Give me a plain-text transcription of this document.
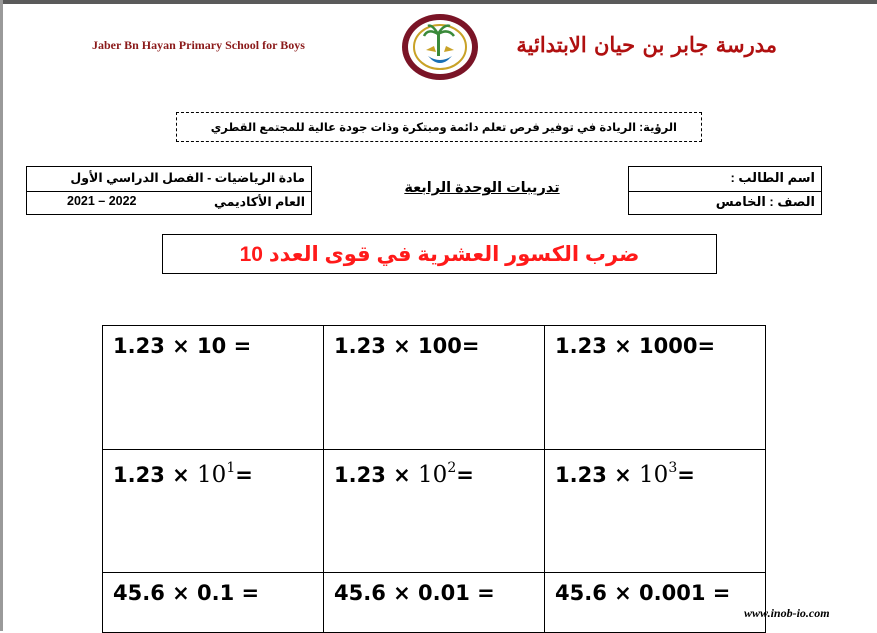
Jaber Bn Hayan Primary School for Boys	مدرسة جابر بن حيان الابتدائية
الرؤية: الريادة في توفير فرص تعلم دائمة ومبتكرة وذات جودة عالية للمجتمع القطري
مادة الرياضيات - الفصل الدراسي الأول
العام الأكاديمي
2021 – 2022
تدريبات الوحدة الرابعة
اسم الطالب :
الصف : الخامس
ضرب الكسور العشرية في قوى العدد 10
1.23 × 10 =	1.23 × 100=	1.23 × 1000=
$1.23 \times 10^1=$	$1.23 \times 10^2=$	$1.23 \times 10^3=$
45.6 × 0.1 =	45.6 × 0.01 =	45.6 × 0.001 =
www.inob-io.com
